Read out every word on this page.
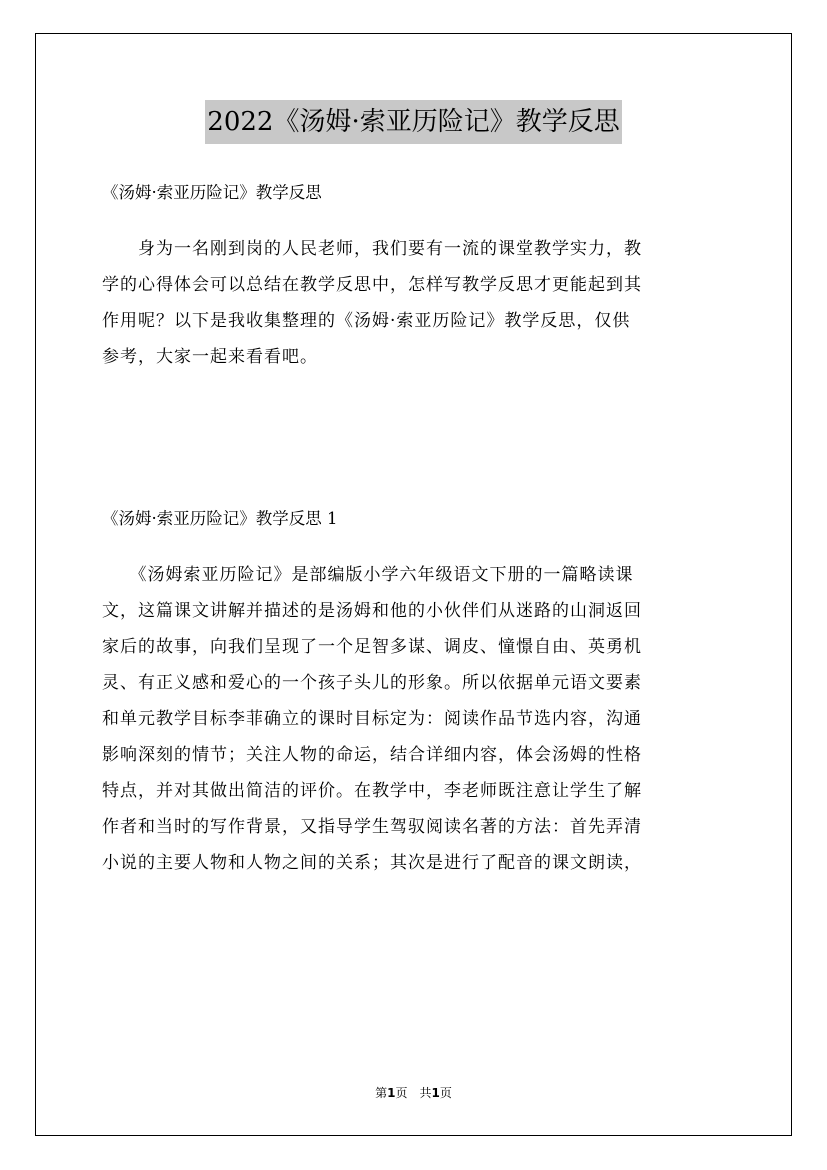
2022《汤姆·索亚历险记》教学反思
《汤姆·索亚历险记》教学反思
　　身为一名刚到岗的人民老师，我们要有一流的课堂教学实力，教
学的心得体会可以总结在教学反思中，怎样写教学反思才更能起到其
作用呢？以下是我收集整理的《汤姆·索亚历险记》教学反思，仅供
参考，大家一起来看看吧。
《汤姆·索亚历险记》教学反思 1
　　《汤姆索亚历险记》是部编版小学六年级语文下册的一篇略读课
文，这篇课文讲解并描述的是汤姆和他的小伙伴们从迷路的山洞返回
家后的故事，向我们呈现了一个足智多谋、调皮、憧憬自由、英勇机
灵、有正义感和爱心的一个孩子头儿的形象。所以依据单元语文要素
和单元教学目标李菲确立的课时目标定为：阅读作品节选内容，沟通
影响深刻的情节；关注人物的命运，结合详细内容，体会汤姆的性格
特点，并对其做出简洁的评价。在教学中，李老师既注意让学生了解
作者和当时的写作背景，又指导学生驾驭阅读名著的方法：首先弄清
小说的主要人物和人物之间的关系；其次是进行了配音的课文朗读，
第1页　共1页
